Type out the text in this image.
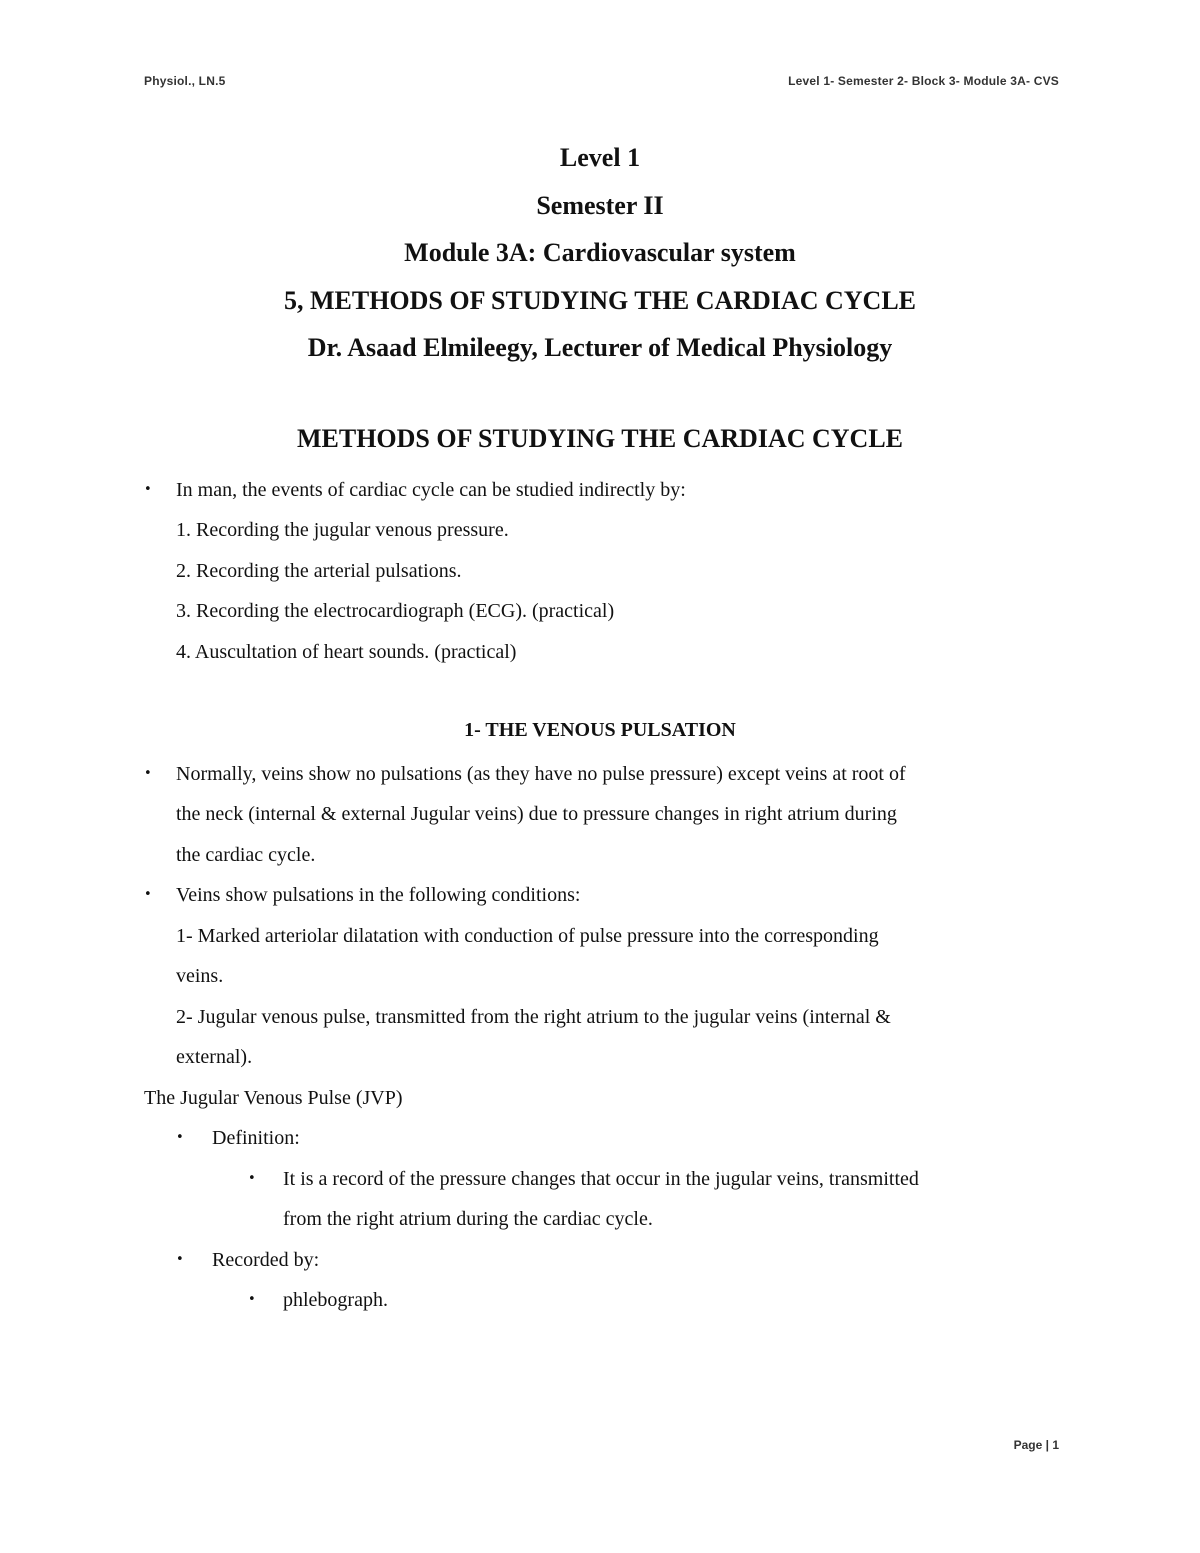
Physiol., LN.5	Level 1- Semester 2- Block 3- Module 3A- CVS
Level 1
Semester II
Module 3A: Cardiovascular system
5, METHODS OF STUDYING THE CARDIAC CYCLE
Dr. Asaad Elmileegy, Lecturer of Medical Physiology
METHODS OF STUDYING THE CARDIAC CYCLE
• In man, the events of cardiac cycle can be studied indirectly by:
1. Recording the jugular venous pressure.
2. Recording the arterial pulsations.
3. Recording the electrocardiograph (ECG). (practical)
4. Auscultation of heart sounds. (practical)
1- THE VENOUS PULSATION
• Normally, veins show no pulsations (as they have no pulse pressure) except veins at root of
the neck (internal & external Jugular veins) due to pressure changes in right atrium during
the cardiac cycle.
• Veins show pulsations in the following conditions:
1- Marked arteriolar dilatation with conduction of pulse pressure into the corresponding
veins.
2- Jugular venous pulse, transmitted from the right atrium to the jugular veins (internal &
external).
The Jugular Venous Pulse (JVP)
• Definition:
• It is a record of the pressure changes that occur in the jugular veins, transmitted
from the right atrium during the cardiac cycle.
• Recorded by:
• phlebograph.
Page | 1
